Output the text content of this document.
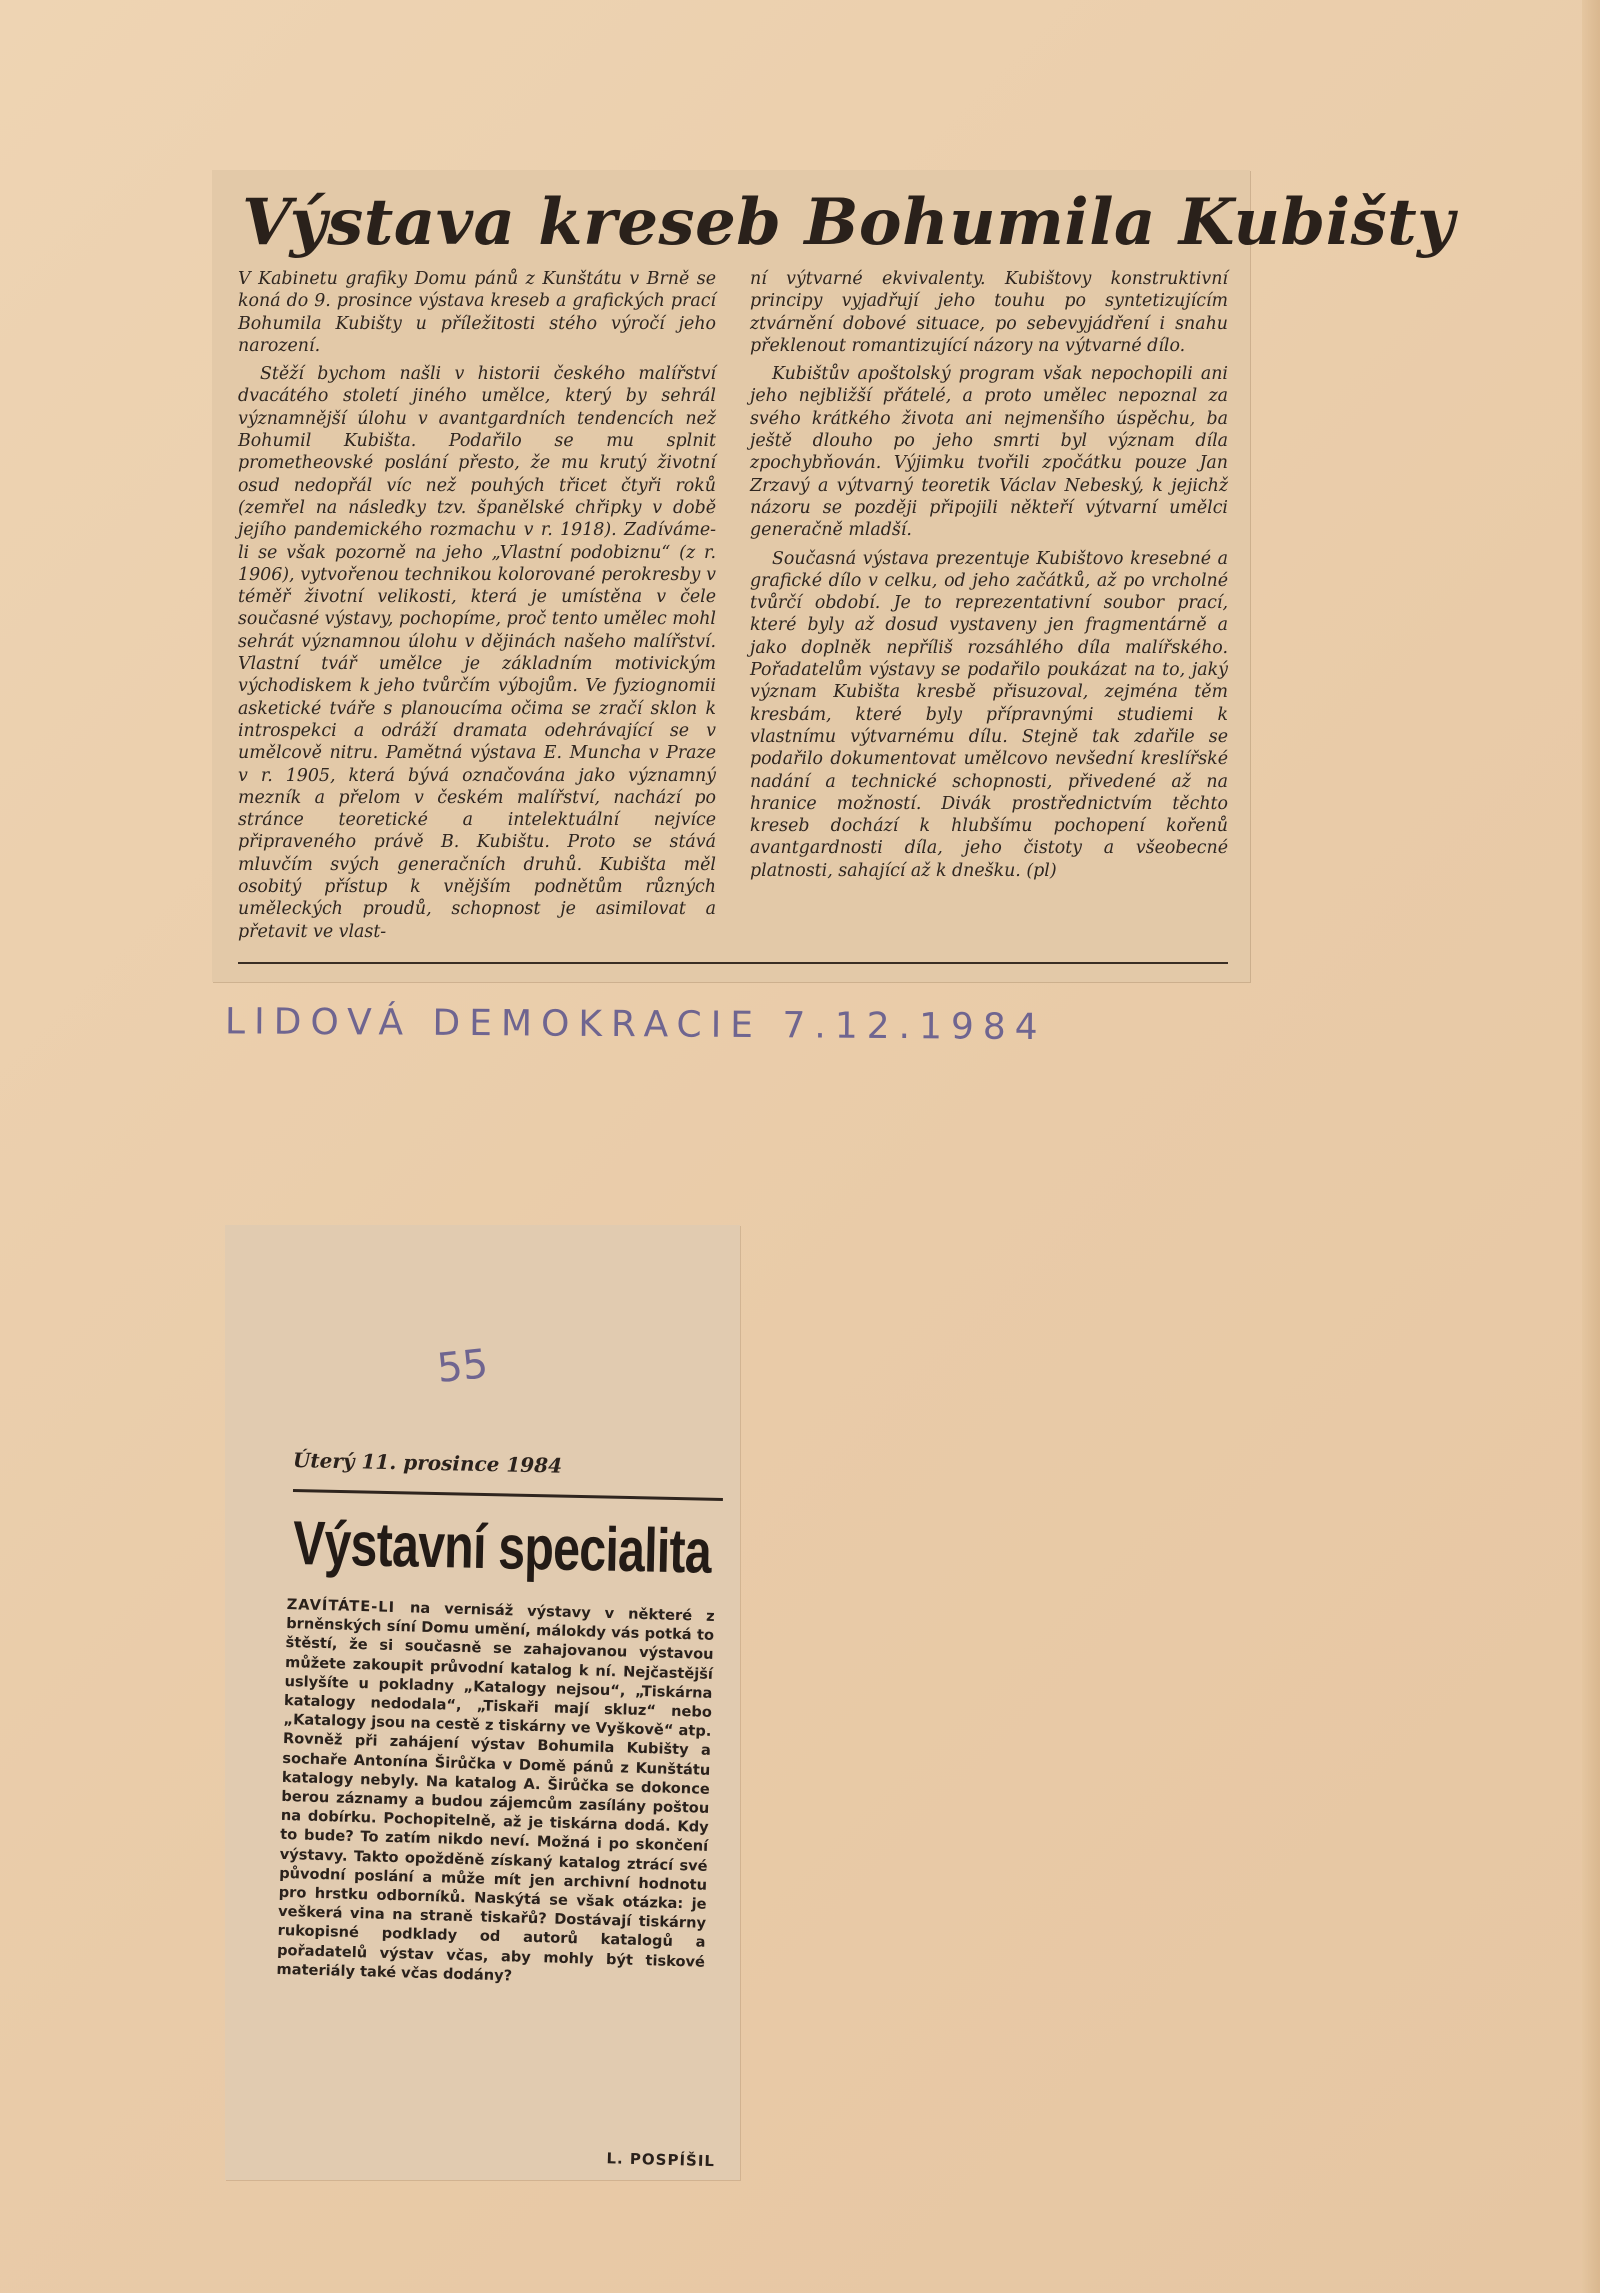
Výstava kreseb Bohumila Kubišty

V Kabinetu grafiky Domu pánů z Kunštátu v Brně se koná do 9. prosince výstava kreseb a grafických prací Bohumila Kubišty u příležitosti stého výročí jeho narození.

Stěží bychom našli v historii českého malířství dvacátého století jiného umělce, který by sehrál významnější úlohu v avantgardních tendencích než Bohumil Kubišta. Podařilo se mu splnit prometheovské poslání přesto, že mu krutý životní osud nedopřál víc než pouhých třicet čtyři roků (zemřel na následky tzv. španělské chřipky v době jejího pandemického rozmachu v r. 1918). Zadíváme-li se však pozorně na jeho „Vlastní podobiznu“ (z r. 1906), vytvořenou technikou kolorované perokresby v téměř životní velikosti, která je umístěna v čele současné výstavy, pochopíme, proč tento umělec mohl sehrát významnou úlohu v dějinách našeho malířství. Vlastní tvář umělce je základním motivickým východiskem k jeho tvůrčím výbojům. Ve fyziognomii asketické tváře s planoucíma očima se zračí sklon k introspekci a odráží dramata odehrávající se v umělcově nitru. Pamětná výstava E. Muncha v Praze v r. 1905, která bývá označována jako významný mezník a přelom v českém malířství, nachází po stránce teoretické a intelektuální nejvíce připraveného právě B. Kubištu. Proto se stává mluvčím svých generačních druhů. Kubišta měl osobitý přístup k vnějším podnětům různých uměleckých proudů, schopnost je asimilovat a přetavit ve vlast-

ní výtvarné ekvivalenty. Kubištovy konstruktivní principy vyjadřují jeho touhu po syntetizujícím ztvárnění dobové situace, po sebevyjádření i snahu překlenout romantizující názory na výtvarné dílo.

Kubištův apoštolský program však nepochopili ani jeho nejbližší přátelé, a proto umělec nepoznal za svého krátkého života ani nejmenšího úspěchu, ba ještě dlouho po jeho smrti byl význam díla zpochybňován. Výjimku tvořili zpočátku pouze Jan Zrzavý a výtvarný teoretik Václav Nebeský, k jejichž názoru se později připojili někteří výtvarní umělci generačně mladší.

Současná výstava prezentuje Kubištovo kresebné a grafické dílo v celku, od jeho začátků, až po vrcholné tvůrčí období. Je to reprezentativní soubor prací, které byly až dosud vystaveny jen fragmentárně a jako doplněk nepříliš rozsáhlého díla malířského. Pořadatelům výstavy se podařilo poukázat na to, jaký význam Kubišta kresbě přisuzoval, zejména těm kresbám, které byly přípravnými studiemi k vlastnímu výtvarnému dílu. Stejně tak zdařile se podařilo dokumentovat umělcovo nevšední kreslířské nadání a technické schopnosti, přivedené až na hranice možností. Divák prostřednictvím těchto kreseb dochází k hlubšímu pochopení kořenů avantgardnosti díla, jeho čistoty a všeobecné platnosti, sahající až k dnešku. (pl)

LIDOVÁ DEMOKRACIE 7.12.1984
55
Úterý 11. prosince 1984
Výstavní specialita
ZAVÍTÁTE-LI na vernisáž výstavy v některé z brněnských síní Domu umění, málokdy vás potká to štěstí, že si současně se zahajovanou výstavou můžete zakoupit průvodní katalog k ní. Nejčastější uslyšíte u pokladny „Katalogy nejsou“, „Tiskárna katalogy nedodala“, „Tiskaři mají skluz“ nebo „Katalogy jsou na cestě z tiskárny ve Vyškově“ atp. Rovněž při zahájení výstav Bohumila Kubišty a sochaře Antonína Širůčka v Domě pánů z Kunštátu katalogy nebyly. Na katalog A. Širůčka se dokonce berou záznamy a budou zájemcům zasílány poštou na dobírku. Pochopitelně, až je tiskárna dodá. Kdy to bude? To zatím nikdo neví. Možná i po skončení výstavy. Takto opožděně získaný katalog ztrácí své původní poslání a může mít jen archivní hodnotu pro hrstku odborníků. Naskýtá se však otázka: je veškerá vina na straně tiskařů? Dostávají tiskárny rukopisné podklady od autorů katalogů a pořadatelů výstav včas, aby mohly být tiskové materiály také včas dodány?
L. POSPÍŠIL
